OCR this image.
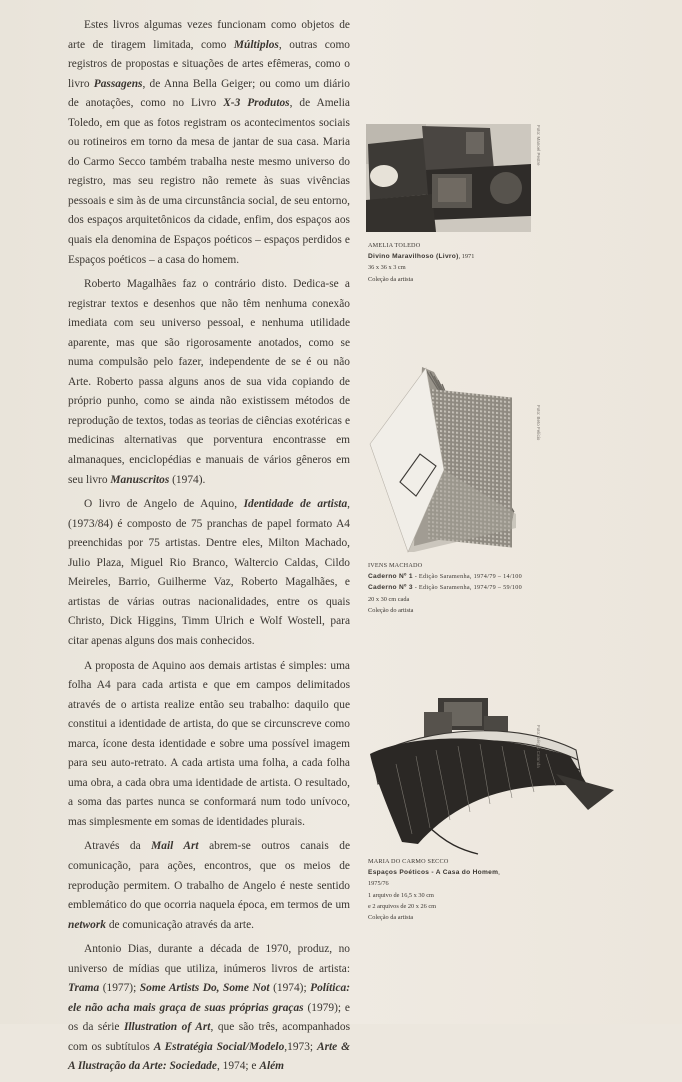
Estes livros algumas vezes funcionam como objetos de arte de tiragem limitada, como Múltiplos, outras como registros de propostas e situações de artes efêmeras, como o livro Passagens, de Anna Bella Geiger; ou como um diário de anotações, como no Livro X-3 Produtos, de Amelia Toledo, em que as fotos registram os acontecimentos sociais ou rotineiros em torno da mesa de jantar de sua casa. Maria do Carmo Secco também trabalha neste mesmo universo do registro, mas seu registro não remete às suas vivências pessoais e sim às de uma circunstância social, de seu entorno, dos espaços arquitetônicos da cidade, enfim, dos espaços aos quais ela denomina de Espaços poéticos – espaços perdidos e Espaços poéticos – a casa do homem.

Roberto Magalhães faz o contrário disto. Dedica-se a registrar textos e desenhos que não têm nenhuma conexão imediata com seu universo pessoal, e nenhuma utilidade aparente, mas que são rigorosamente anotados, como se numa compulsão pelo fazer, independente de se é ou não Arte. Roberto passa alguns anos de sua vida copiando de próprio punho, como se ainda não existissem métodos de reprodução de textos, todas as teorias de ciências exotéricas e medicinas alternativas que porventura encontrasse em almanaques, enciclopédias e manuais de vários gêneros em seu livro Manuscritos (1974).

O livro de Angelo de Aquino, Identidade de artista, (1973/84) é composto de 75 pranchas de papel formato A4 preenchidas por 75 artistas. Dentre eles, Milton Machado, Julio Plaza, Miguel Rio Branco, Waltercio Caldas, Cildo Meireles, Barrio, Guilherme Vaz, Roberto Magalhães, e artistas de várias outras nacionalidades, entre os quais Christo, Dick Higgins, Timm Ulrich e Wolf Wostell, para citar apenas alguns dos mais conhecidos.

A proposta de Aquino aos demais artistas é simples: uma folha A4 para cada artista e que em campos delimitados através de o artista realize então seu trabalho: daquilo que constitui a identidade de artista, do que se circunscreve como marca, ícone desta identidade e sobre uma possível imagem para seu auto-retrato. A cada artista uma folha, a cada folha uma obra, a cada obra uma identidade de artista. O resultado, a soma das partes nunca se conformará num todo unívoco, mas simplesmente em somas de identidades plurais.

Através da Mail Art abrem-se outros canais de comunicação, para ações, encontros, que os meios de reprodução permitem. O trabalho de Angelo é neste sentido emblemático do que ocorria naquela época, em termos de um network de comunicação através da arte.

Antonio Dias, durante a década de 1970, produz, no universo de mídias que utiliza, inúmeros livros de artista: Trama (1977); Some Artists Do, Some Not (1974); Política: ele não acha mais graça de suas próprias graças (1979); e os da série Illustration of Art, que são três, acompanhados com os subtítulos A Estratégia Social/Modelo,1973; Arte & A Ilustração da Arte: Sociedade, 1974; e Além

Foto: Manoel Pestre
AMELIA TOLEDO
Divino Maravilhoso (Livro), 1971
36 x 36 x 3 cm
Coleção da artista
Foto: Beto Felício
IVENS MACHADO
Caderno Nº 1 - Edição Saramenha, 1974/79 – 14/100
Caderno Nº 3 - Edição Saramenha, 1974/79 – 59/100
20 x 30 cm cada
Coleção do artista
Foto: Sérgio Catunda
MARIA DO CARMO SECCO
Espaços Poéticos - A Casa do Homem,
1975/76
1 arquivo de 16,5 x 30 cm
e 2 arquivos de 20 x 26 cm
Coleção da artista
